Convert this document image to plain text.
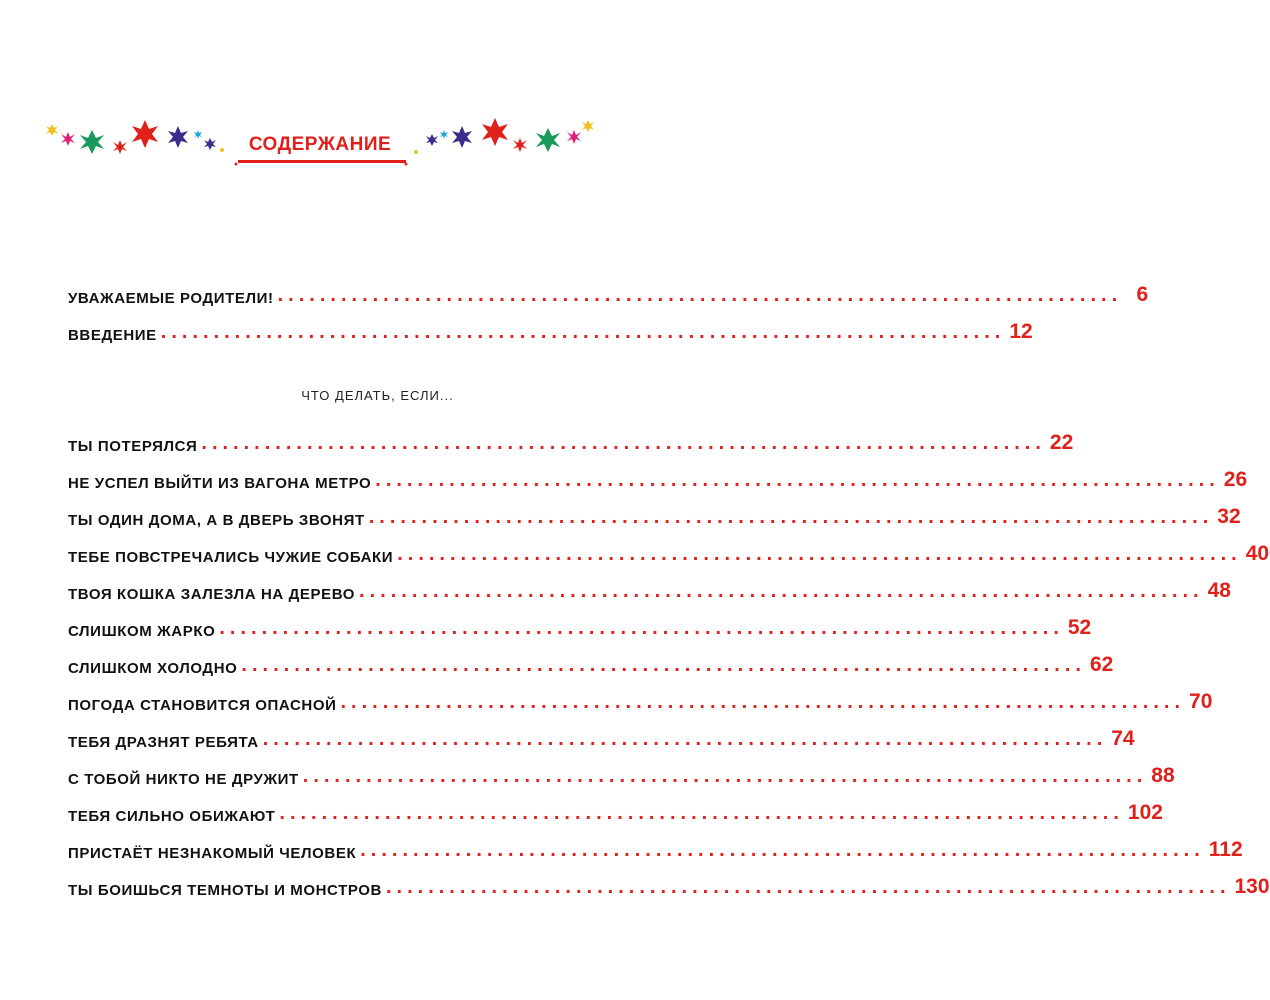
СОДЕРЖАНИЕ
УВАЖАЕМЫЕ РОДИТЕЛИ! ................................................................................ 6
ВВЕДЕНИЕ ................................................................................ 12
ЧТО ДЕЛАТЬ, ЕСЛИ...
ТЫ ПОТЕРЯЛСЯ ................................................................................ 22
НЕ УСПЕЛ ВЫЙТИ ИЗ ВАГОНА МЕТРО ................................................................................ 26
ТЫ ОДИН ДОМА, А В ДВЕРЬ ЗВОНЯТ ................................................................................ 32
ТЕБЕ ПОВСТРЕЧАЛИСЬ ЧУЖИЕ СОБАКИ ................................................................................ 40
ТВОЯ КОШКА ЗАЛЕЗЛА НА ДЕРЕВО ................................................................................ 48
СЛИШКОМ ЖАРКО ................................................................................ 52
СЛИШКОМ ХОЛОДНО ................................................................................ 62
ПОГОДА СТАНОВИТСЯ ОПАСНОЙ ................................................................................ 70
ТЕБЯ ДРАЗНЯТ РЕБЯТА ................................................................................ 74
С ТОБОЙ НИКТО НЕ ДРУЖИТ ................................................................................ 88
ТЕБЯ СИЛЬНО ОБИЖАЮТ ................................................................................ 102
ПРИСТАЁТ НЕЗНАКОМЫЙ ЧЕЛОВЕК ................................................................................ 112
ТЫ БОИШЬСЯ ТЕМНОТЫ И МОНСТРОВ ................................................................................ 130
